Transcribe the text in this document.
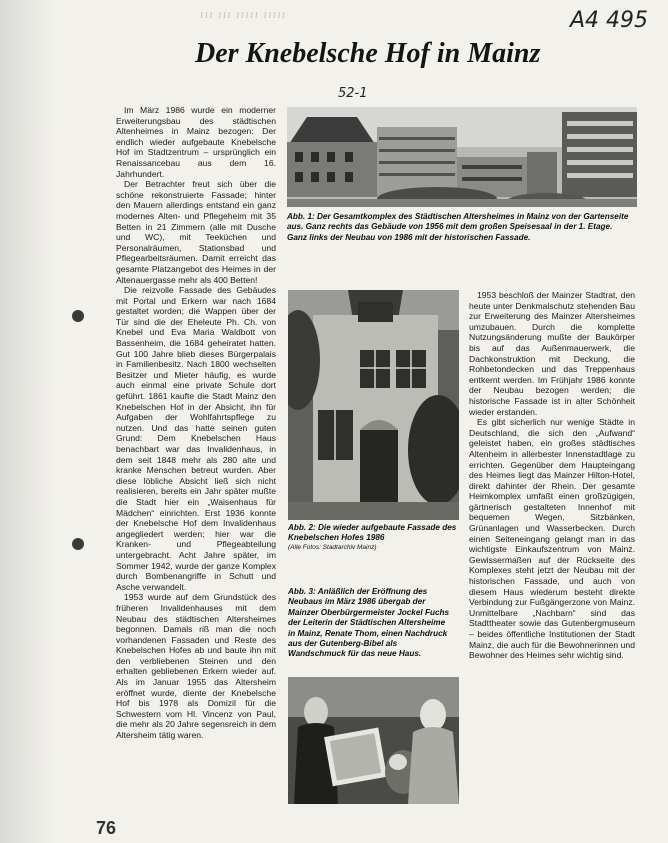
ııı ııı ııııı ııııı	A4 495
52-1
Der Knebelsche Hof in Mainz

Im März 1986 wurde ein moderner Erweiterungsbau des städtischen Altenheimes in Mainz bezogen: Der endlich wieder aufgebaute Knebelsche Hof im Stadtzentrum – ursprünglich ein Renaissancebau aus dem 16. Jahrhundert.

Der Betrachter freut sich über die schöne rekonstruierte Fassade; hinter den Mauern allerdings entstand ein ganz modernes Alten- und Pflegeheim mit 35 Betten in 21 Zimmern (alle mit Dusche und WC), mit Teeküchen und Personalräumen, Stationsbad und Pflegearbeitsräumen. Damit erreicht das gesamte Platzangebot des Heimes in der Altenauergasse mehr als 400 Betten!

Die reizvolle Fassade des Gebäudes mit Portal und Erkern war nach 1684 gestaltet worden; die Wappen über der Tür sind die der Eheleute Ph. Ch. von Knebel und Eva Maria Waldbott von Bassenheim, die 1684 geheiratet hatten. Gut 100 Jahre blieb dieses Bürgerpalais in Familienbesitz. Nach 1800 wechselten Besitzer und Mieter häufig, es wurde auch einmal eine private Schule dort geführt. 1861 kaufte die Stadt Mainz den Knebelschen Hof in der Absicht, ihn für Aufgaben der Wohlfahrtspflege zu nutzen. Und das hatte seinen guten Grund: Dem Knebelschen Haus benachbart war das Invalidenhaus, in dem seit 1848 mehr als 280 alte und kranke Menschen betreut wurden. Aber diese löbliche Absicht ließ sich nicht realisieren, bereits ein Jahr später mußte die Stadt hier ein „Waisenhaus für Mädchen“ einrichten. Erst 1936 konnte der Knebelsche Hof dem Invalidenhaus angegliedert werden; hier war die Kranken- und Pflegeabteilung untergebracht. Acht Jahre später, im Sommer 1942, wurde der ganze Komplex durch Bombenangriffe in Schutt und Asche verwandelt.

1953 wurde auf dem Grundstück des früheren Invalidenhauses mit dem Neubau des städtischen Altersheimes begonnen. Damals riß man die noch vorhandenen Fassaden und Reste des Knebelschen Hofes ab und baute ihn mit den verbliebenen Steinen und den erhalten gebliebenen Erkern wieder auf. Als im Januar 1955 das Altersheim eröffnet wurde, diente der Knebelsche Hof bis 1978 als Domizil für die Schwestern vom Hl. Vincenz von Paul, die mehr als 20 Jahre segensreich in dem Altersheim tätig waren.

Abb. 1: Der Gesamtkomplex des Städtischen Altersheimes in Mainz von der Gartenseite aus. Ganz rechts das Gebäude von 1956 mit dem großen Speisesaal in der 1. Etage. Ganz links der Neubau von 1986 mit der historischen Fassade.
Abb. 2: Die wieder aufgebaute Fassade des Knebelschen Hofes 1986
(Alle Fotos: Stadtarchiv Mainz)
Abb. 3: Anläßlich der Eröffnung des Neubaus im März 1986 übergab der Mainzer Oberbürgermeister Jockel Fuchs der Leiterin der Städtischen Altersheime in Mainz, Renate Thom, einen Nachdruck aus der Gutenberg-Bibel als Wandschmuck für das neue Haus.

1953 beschloß der Mainzer Stadtrat, den heute unter Denkmalschutz stehenden Bau zur Erweiterung des Mainzer Altersheimes umzubauen. Durch die komplette Nutzungsänderung mußte der Baukörper bis auf das Außenmauerwerk, die Dachkonstruktion mit Deckung, die Rohbetondecken und das Treppenhaus entkernt werden. Im Frühjahr 1986 konnte der Neubau bezogen werden; die historische Fassade ist in alter Schönheit wieder erstanden.

Es gibt sicherlich nur wenige Städte in Deutschland, die sich den „Aufwand“ geleistet haben, ein großes städtisches Altenheim in allerbester Innenstadtlage zu errichten. Gegenüber dem Haupteingang des Heimes liegt das Mainzer Hilton-Hotel, direkt dahinter der Rhein. Der gesamte Heimkomplex umfaßt einen großzügigen, gärtnerisch gestalteten Innenhof mit bequemen Wegen, Sitzbänken, Grünanlagen und Wasserbecken. Durch einen Seiteneingang gelangt man in das wichtigste Einkaufszentrum von Mainz. Gewissermaßen auf der Rückseite des Komplexes steht jetzt der Neubau mit der historischen Fassade, und auch von diesem Haus wiederum besteht direkte Verbindung zur Fußgängerzone von Mainz. Unmittelbare „Nachbarn“ sind das Stadttheater sowie das Gutenbergmuseum – beides öffentliche Institutionen der Stadt Mainz, die auch für die Bewohnerinnen und Bewohner des Heimes sehr wichtig sind.

76
